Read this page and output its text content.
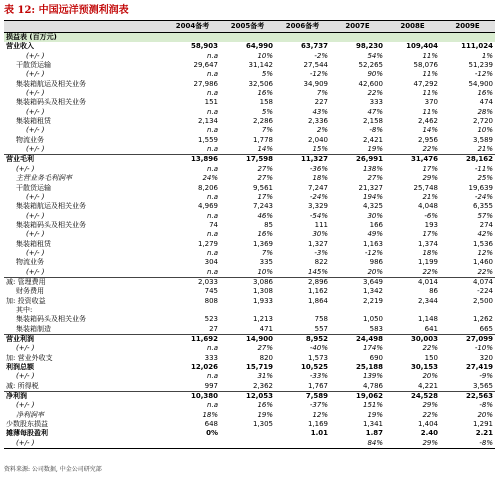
表 12: 中国远洋预测利润表
	2004备考	2005备考	2006备考	2007E	2008E	2009E
损益表 (百万元)						
营业收入	58,903	64,990	63,737	98,230	109,404	111,024
(+/- )	n.a	10%	-2%	54%	11%	1%
干散货运输	29,647	31,142	27,544	52,265	58,076	51,239
(+/- )	n.a	5%	-12%	90%	11%	-12%
集装箱航运及相关业务	27,986	32,506	34,909	42,600	47,292	54,900
(+/- )	n.a	16%	7%	22%	11%	16%
集装箱码头及相关业务	151	158	227	333	370	474
(+/- )	n.a	5%	43%	47%	11%	28%
集装箱租赁	2,134	2,286	2,336	2,158	2,462	2,720
(+/- )	n.a	7%	2%	-8%	14%	10%
物流业务	1,559	1,778	2,040	2,421	2,956	3,589
(+/- )	n.a	14%	15%	19%	22%	21%
营业毛利	13,896	17,598	11,327	26,991	31,476	28,162
(+/- )	n.a	27%	-36%	138%	17%	-11%
主营业务毛利润率	24%	27%	18%	27%	29%	25%
干散货运输	8,206	9,561	7,247	21,327	25,748	19,639
(+/- )	n.a	17%	-24%	194%	21%	-24%
集装箱航运及相关业务	4,969	7,243	3,329	4,325	4,048	6,355
(+/- )	n.a	46%	-54%	30%	-6%	57%
集装箱码头及相关业务	74	85	111	166	193	274
(+/- )	n.a	16%	30%	49%	17%	42%
集装箱租赁	1,279	1,369	1,327	1,163	1,374	1,536
(+/- )	n.a	7%	-3%	-12%	18%	12%
物流业务	304	335	822	986	1,199	1,460
(+/- )	n.a	10%	145%	20%	22%	22%
减: 管理费用	2,033	3,086	2,896	3,649	4,014	4,074
财务费用	745	1,308	1,162	1,342	86	-224
加: 投资收益	808	1,933	1,864	2,219	2,344	2,500
其中:						
集装箱码头及相关业务	523	1,213	758	1,050	1,148	1,262
集装箱制造	27	471	557	583	641	665
营业利润	11,692	14,900	8,952	24,498	30,003	27,099
(+/- )	n.a	27%	-40%	174%	22%	-10%
加: 营业外收支	333	820	1,573	690	150	320
利润总额	12,026	15,719	10,525	25,188	30,153	27,419
(+/- )	n.a	31%	-33%	139%	20%	-9%
减: 所得税	997	2,362	1,767	4,786	4,221	3,565
净利润	10,380	12,053	7,589	19,062	24,528	22,563
(+/- )	n.a	16%	-37%	151%	29%	-8%
净利润率	18%	19%	12%	19%	22%	20%
少数股东损益	648	1,305	1,169	1,341	1,404	1,291
摊薄每股盈利	0%		1.01	1.87	2.40	2.21
(+/- )				84%	29%	-8%
资料来源: 公司数据, 中金公司研究部
